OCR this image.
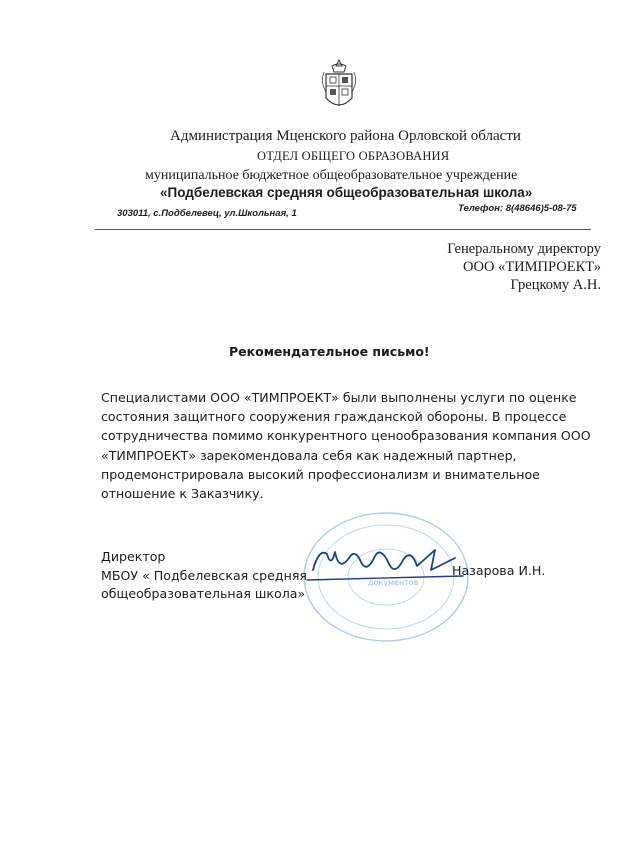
Администрация Мценского района Орловской области
ОТДЕЛ ОБЩЕГО ОБРАЗОВАНИЯ
муниципальное бюджетное общеобразовательное учреждение
«Подбелевская средняя общеобразовательная школа»
303011, с.Подбелевец, ул.Школьная, 1	Телефон: 8(48646)5-08-75
Генеральному директору
ООО «ТИМПРОЕКТ»
Грецкому А.Н.
Рекомендательное письмо!
Специалистами ООО «ТИМПРОЕКТ» были выполнены услуги по оценке
состояния защитного сооружения гражданской обороны. В процессе
сотрудничества помимо конкурентного ценообразования компания ООО
«ТИМПРОЕКТ» зарекомендовала себя как надежный партнер,
продемонстрировала высокий профессионализм и внимательное
отношение к Заказчику.
документов
Директор
МБОУ « Подбелевская средняя
общеобразовательная школа»
Назарова И.Н.
